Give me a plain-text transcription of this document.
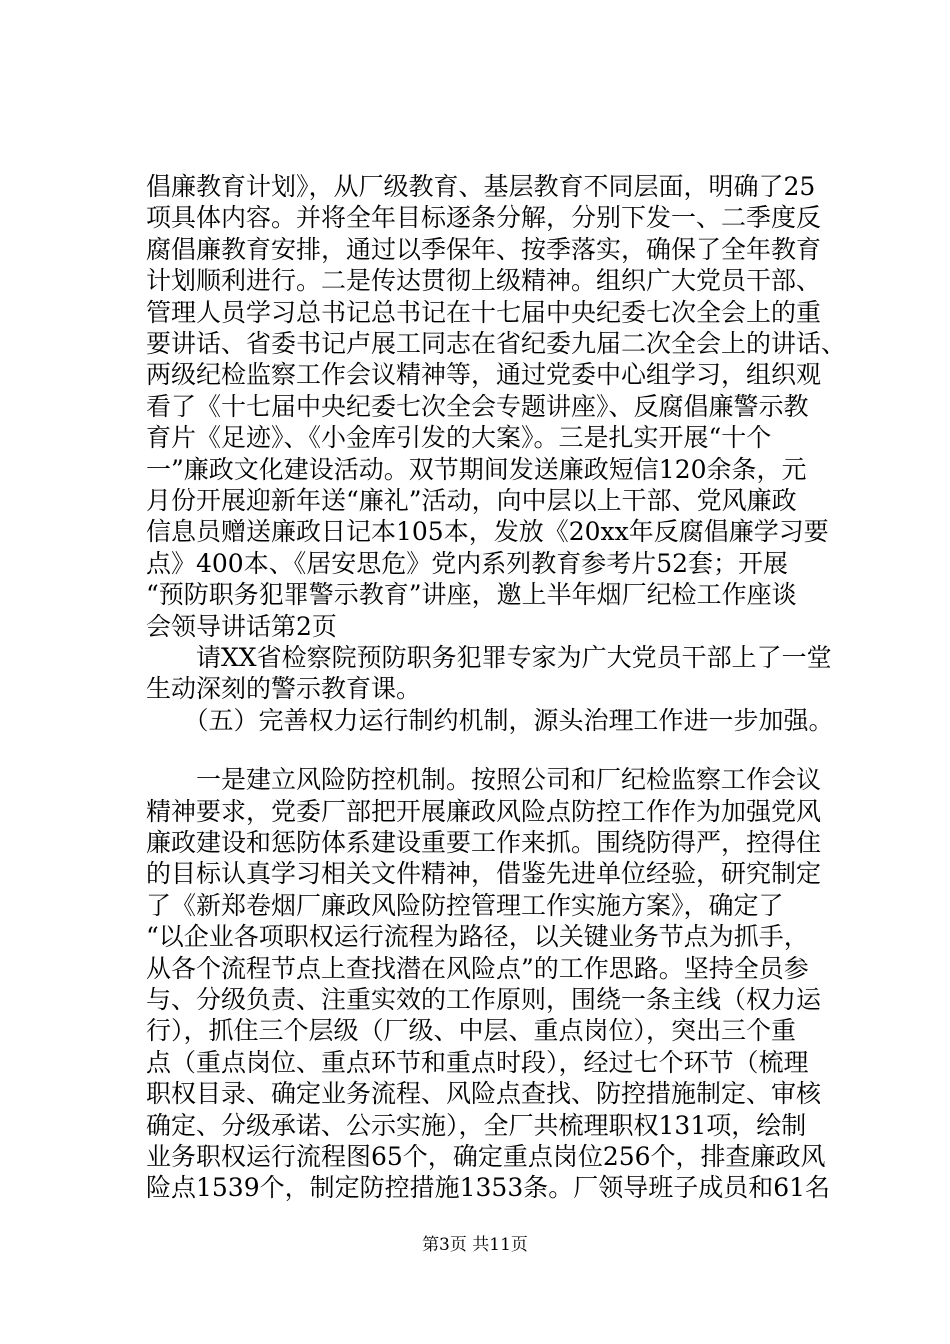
倡廉教育计划》，从厂级教育、基层教育不同层面，明确了25
项具体内容。并将全年目标逐条分解，分别下发一、二季度反
腐倡廉教育安排，通过以季保年、按季落实，确保了全年教育
计划顺利进行。二是传达贯彻上级精神。组织广大党员干部、
管理人员学习总书记总书记在十七届中央纪委七次全会上的重
要讲话、省委书记卢展工同志在省纪委九届二次全会上的讲话、
两级纪检监察工作会议精神等，通过党委中心组学习，组织观
看了《十七届中央纪委七次全会专题讲座》、反腐倡廉警示教
育片《足迹》、《小金库引发的大案》。三是扎实开展“十个
一”廉政文化建设活动。双节期间发送廉政短信120余条，元
月份开展迎新年送“廉礼”活动，向中层以上干部、党风廉政
信息员赠送廉政日记本105本，发放《20xx年反腐倡廉学习要
点》400本、《居安思危》党内系列教育参考片52套；开展
“预防职务犯罪警示教育”讲座，邀上半年烟厂纪检工作座谈
会领导讲话第2页
　　请XX省检察院预防职务犯罪专家为广大党员干部上了一堂
生动深刻的警示教育课。
　　（五）完善权力运行制约机制，源头治理工作进一步加强。
　　一是建立风险防控机制。按照公司和厂纪检监察工作会议
精神要求，党委厂部把开展廉政风险点防控工作作为加强党风
廉政建设和惩防体系建设重要工作来抓。围绕防得严，控得住
的目标认真学习相关文件精神，借鉴先进单位经验，研究制定
了《新郑卷烟厂廉政风险防控管理工作实施方案》，确定了
“以企业各项职权运行流程为路径，以关键业务节点为抓手，
从各个流程节点上查找潜在风险点”的工作思路。坚持全员参
与、分级负责、注重实效的工作原则，围绕一条主线（权力运
行），抓住三个层级（厂级、中层、重点岗位），突出三个重
点（重点岗位、重点环节和重点时段），经过七个环节（梳理
职权目录、确定业务流程、风险点查找、防控措施制定、审核
确定、分级承诺、公示实施），全厂共梳理职权131项，绘制
业务职权运行流程图65个，确定重点岗位256个，排查廉政风
险点1539个，制定防控措施1353条。厂领导班子成员和61名
第3页 共11页
